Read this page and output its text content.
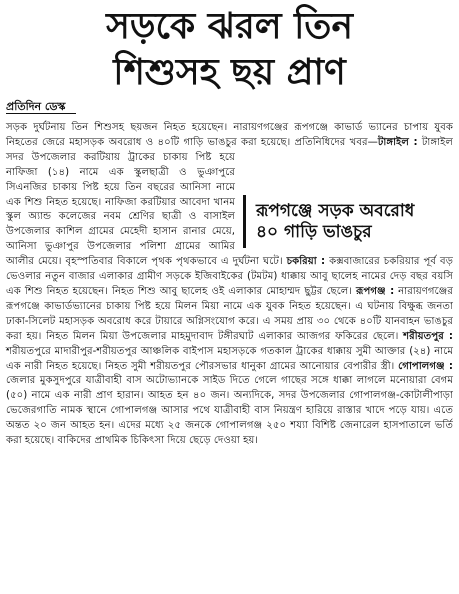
সড়কে ঝরল তিন
শিশুসহ ছয় প্রাণ
প্রতিদিন ডেস্ক

সড়ক দুর্ঘটনায় তিন শিশুসহ ছয়জন নিহত হয়েছেন। নারায়ণগঞ্জের রূপগঞ্জে কাভার্ড ভ্যানের চাপায় যুবক নিহতের জেরে মহাসড়ক অবরোধ ও ৪০টি গাড়ি ভাঙচুর করা হয়েছে। প্রতিনিধিদের খবর—টাঙ্গাইল :
রূপগঞ্জে সড়ক অবরোধ
৪০ গাড়ি ভাঙচুর
টাঙ্গাইল সদর উপজেলার করটিয়ায় ট্রাকের চাকায় পিষ্ট হয়ে নাফিজা (১৪) নামে এক স্কুলছাত্রী ও ভুঞাপুরে সিএনজির চাকায় পিষ্ট হয়ে তিন বছরের আনিসা নামে এক শিশু নিহত হয়েছে। নাফিজা করটিয়ার আবেদা খানম স্কুল অ্যান্ড কলেজের নবম শ্রেণির ছাত্রী ও বাসাইল উপজেলার কাশিল গ্রামের মেহেদী হাসান রানার মেয়ে, আনিসা ভুঞাপুর উপজেলার পলিশা গ্রামের আমির আলীর মেয়ে। বৃহস্পতিবার বিকালে পৃথক পৃথকভাবে এ দুর্ঘটনা ঘটে। চকরিয়া : কক্সবাজারের চকরিয়ার পূর্ব বড় ভেওলার নতুন বাজার এলাকার গ্রামীণ সড়কে ইজিবাইকের (টমটম) ধাক্কায় আবু ছালেহ নামের দেড় বছর বয়সি এক শিশু নিহত হয়েছেন। নিহত শিশু আবু ছালেহ ওই এলাকার মোহাম্মদ ছুট্টর ছেলে। রূপগঞ্জ : নারায়ণগঞ্জের রূপগঞ্জে কাভার্ডভ্যানের চাকায় পিষ্ট হয়ে মিলন মিয়া নামে এক যুবক নিহত হয়েছেন। এ ঘটনায় বিক্ষুব্ধ জনতা ঢাকা-সিলেট মহাসড়ক অবরোধ করে টায়ারে অগ্নিসংযোগ করে। এ সময় প্রায় ৩০ থেকে ৪০টি যানবাহন ভাঙচুর করা হয়। নিহত মিলন মিয়া উপজেলার মাহমুদাবাদ টঙ্গীরঘাট এলাকার আজগর ফকিরের ছেলে। শরীয়তপুর : শরীয়তপুরে মাদারীপুর-শরীয়তপুর আঞ্চলিক বাইপাস মহাসড়কে গতকাল ট্রাকের ধাক্কায় সুমী আক্তার (২৪) নামে এক নারী নিহত হয়েছে। নিহত সুমী শরীয়তপুর পৌরসভার ধানুকা গ্রামের আনোয়ার বেপারীর স্ত্রী। গোপালগঞ্জ : জেলার মুকসুদপুরে যাত্রীবাহী বাস অটোভ্যানকে সাইড দিতে গেলে গাছের সঙ্গে ধাক্কা লাগলে মনোয়ারা বেগম (৫০) নামে এক নারী প্রাণ হারান। আহত হন ৪০ জন। অন্যদিকে, সদর উপজেলার গোপালগঞ্জ-কোটালীপাড়া ভেজেরগাতি নামক স্থানে গোপালগঞ্জ আসার পথে যাত্রীবাহী বাস নিয়ন্ত্রণ হারিয়ে রাস্তার খাদে পড়ে যায়। এতে অন্তত ২০ জন আহত হন। এদের মধ্যে ২৫ জনকে গোপালগঞ্জ ২৫০ শয্যা বিশিষ্ট জেনারেল হাসপাতালে ভর্তি করা হয়েছে। বাকিদের প্রাথমিক চিকিৎসা দিয়ে ছেড়ে দেওয়া হয়।
